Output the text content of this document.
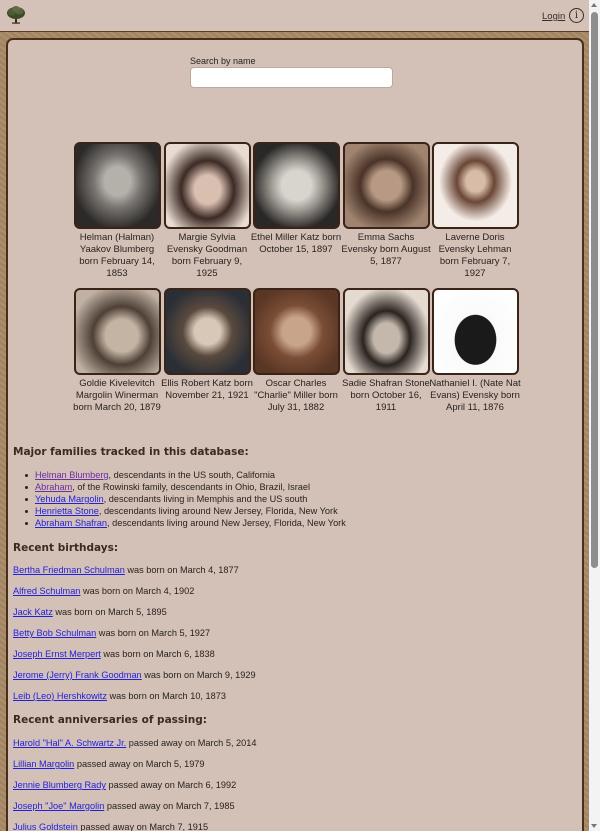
Login i
Search by name
Helman (Halman) Yaakov Blumberg born February 14, 1853
Margie Sylvia Evensky Goodman born February 9, 1925
Ethel Miller Katz born October 15, 1897
Emma Sachs Evensky born August 5, 1877
Laverne Doris Evensky Lehman born February 7, 1927
Goldie Kivelevitch Margolin Winerman born March 20, 1879
Ellis Robert Katz born November 21, 1921
Oscar Charles "Charlie" Miller born July 31, 1882
Sadie Shafran Stone born October 16, 1911
Nathaniel I. (Nate Nat Evans) Evensky born April 11, 1876
Major families tracked in this database:
Helman Blumberg, descendants in the US south, California
Abraham, of the Rowinski family, descendants in Ohio, Brazil, Israel
Yehuda Margolin, descendants living in Memphis and the US south
Henrietta Stone, descendants living around New Jersey, Florida, New York
Abraham Shafran, descendants living around New Jersey, Florida, New York
Recent birthdays:
Bertha Friedman Schulman was born on March 4, 1877
Alfred Schulman was born on March 4, 1902
Jack Katz was born on March 5, 1895
Betty Bob Schulman was born on March 5, 1927
Joseph Ernst Merpert was born on March 6, 1838
Jerome (Jerry) Frank Goodman was born on March 9, 1929
Leib (Leo) Hershkowitz was born on March 10, 1873
Recent anniversaries of passing:
Harold "Hal" A. Schwartz Jr. passed away on March 5, 2014
Lillian Margolin passed away on March 5, 1979
Jennie Blumberg Rady passed away on March 6, 1992
Joseph "Joe" Margolin passed away on March 7, 1985
Julius Goldstein passed away on March 7, 1915
